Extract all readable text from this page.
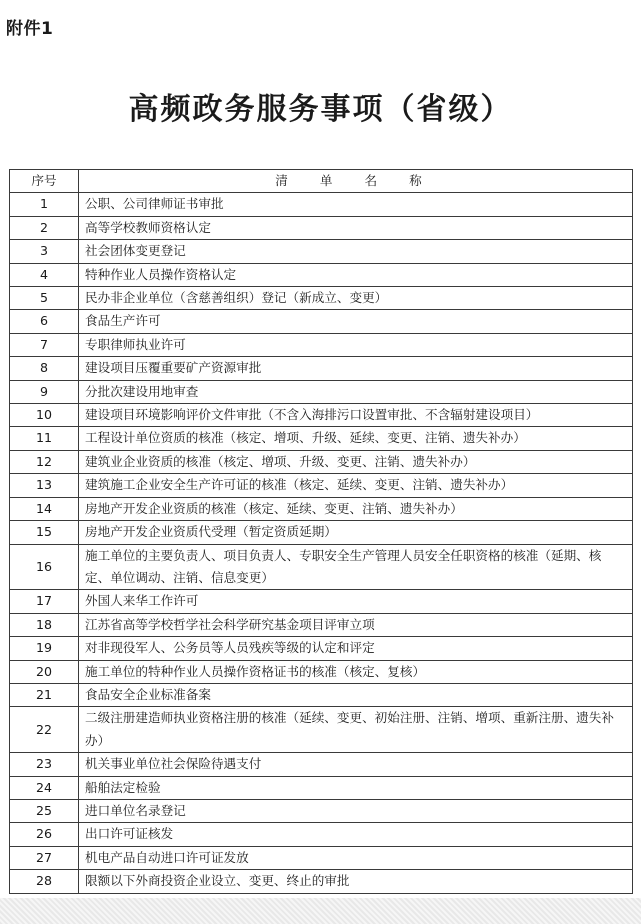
附件1
高频政务服务事项（省级）
序号	清 单 名 称
1	公职、公司律师证书审批
2	高等学校教师资格认定
3	社会团体变更登记
4	特种作业人员操作资格认定
5	民办非企业单位（含慈善组织）登记（新成立、变更）
6	食品生产许可
7	专职律师执业许可
8	建设项目压覆重要矿产资源审批
9	分批次建设用地审查
10	建设项目环境影响评价文件审批（不含入海排污口设置审批、不含辐射建设项目）
11	工程设计单位资质的核准（核定、增项、升级、延续、变更、注销、遗失补办）
12	建筑业企业资质的核准（核定、增项、升级、变更、注销、遗失补办）
13	建筑施工企业安全生产许可证的核准（核定、延续、变更、注销、遗失补办）
14	房地产开发企业资质的核准（核定、延续、变更、注销、遗失补办）
15	房地产开发企业资质代受理（暂定资质延期）
16	施工单位的主要负责人、项目负责人、专职安全生产管理人员安全任职资格的核准（延期、核定、单位调动、注销、信息变更）
17	外国人来华工作许可
18	江苏省高等学校哲学社会科学研究基金项目评审立项
19	对非现役军人、公务员等人员残疾等级的认定和评定
20	施工单位的特种作业人员操作资格证书的核准（核定、复核）
21	食品安全企业标准备案
22	二级注册建造师执业资格注册的核准（延续、变更、初始注册、注销、增项、重新注册、遗失补办）
23	机关事业单位社会保险待遇支付
24	船舶法定检验
25	进口单位名录登记
26	出口许可证核发
27	机电产品自动进口许可证发放
28	限额以下外商投资企业设立、变更、终止的审批
